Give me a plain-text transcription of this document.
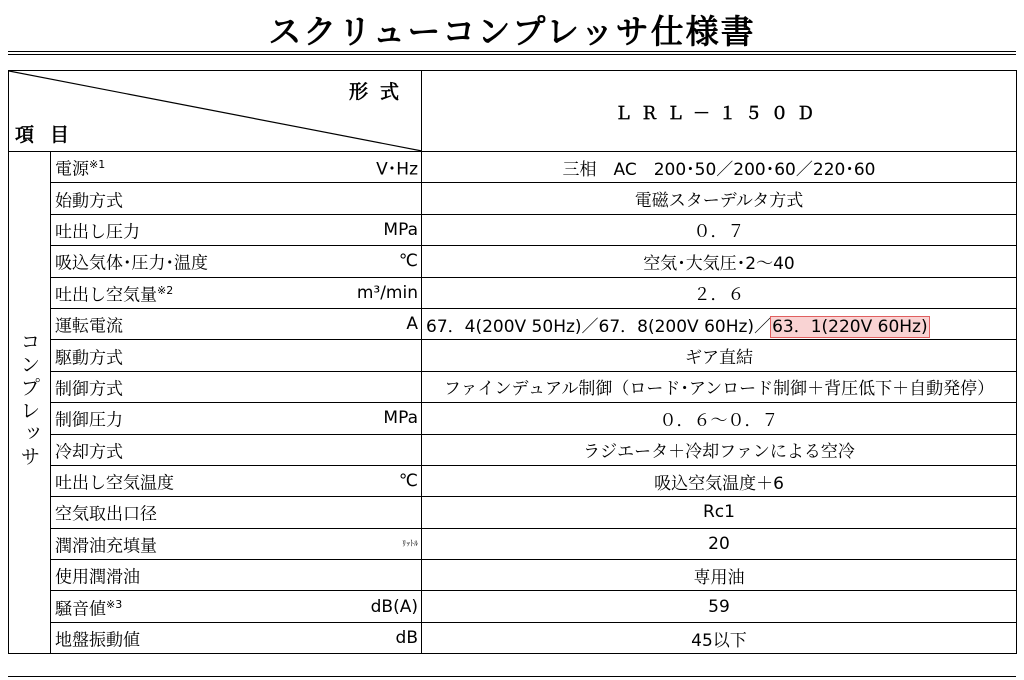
スクリューコンプレッサ仕様書
形式
項目		ＬＲＬ－１５０Ｄ
コンプレッサ	電源$^{※1}$ V･Hz	三相　AC　200･50／200･60／220･60

	始動方式	電磁スターデルタ方式

	吐出し圧力 MPa	０．７

	吸込気体･圧力･温度 ℃	空気･大気圧･2～40

	吐出し空気量$^{※2}$ m³/min	２．６

	運転電流 A	67．4(200V 50Hz)／67．8(200V 60Hz)／63．1(220V 60Hz)

	駆動方式	ギア直結

	制御方式	ファインデュアル制御（ロード･アンロード制御＋背圧低下＋自動発停）

	制御圧力 MPa	０．６～０．７

	冷却方式	ラジエータ＋冷却ファンによる空冷

	吐出し空気温度 ℃	吸込空気温度＋6

	空気取出口径	Rc1

	潤滑油充填量 ﾘｯﾄﾙ	20

	使用潤滑油	専用油

	騒音値$^{※3}$ dB(A)	59

	地盤振動値 dB	45以下
